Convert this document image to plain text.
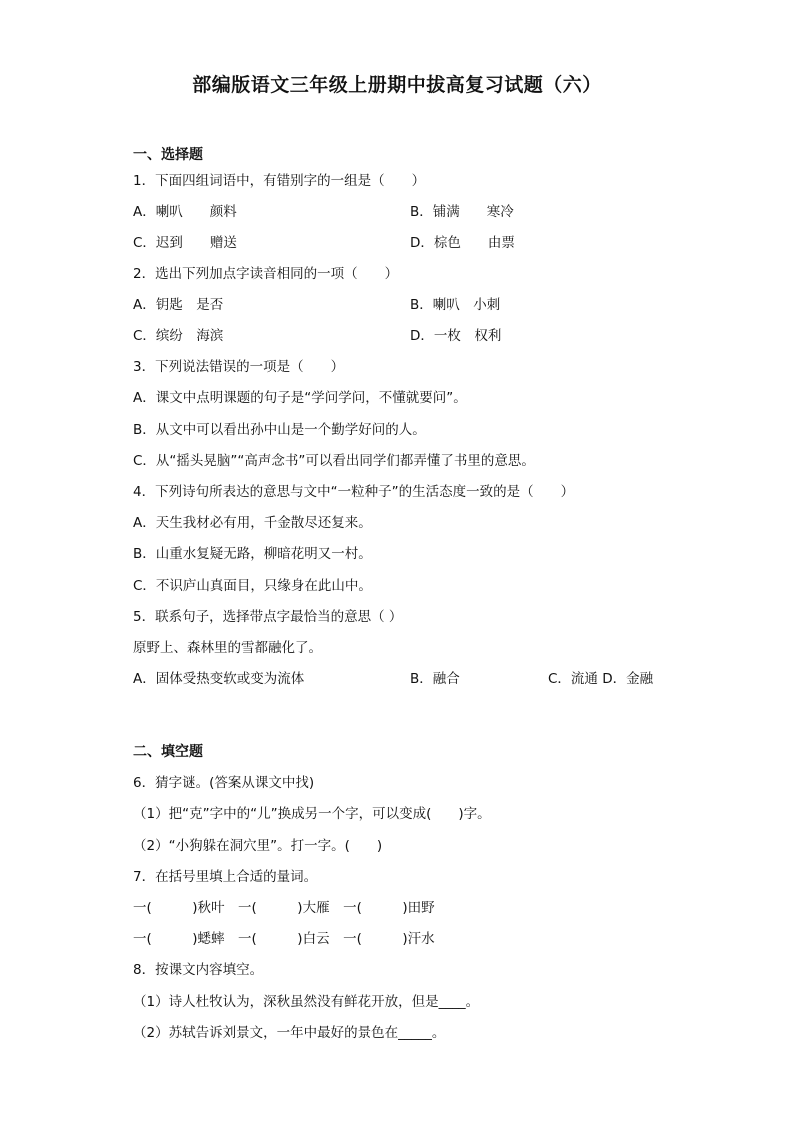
部编版语文三年级上册期中拔高复习试题（六）
一、选择题
1．下面四组词语中，有错别字的一组是（　　）
A．喇叭　　颜料	B．铺满　　寒冷
C．迟到　　赠送	D．棕色　　由票
2．选出下列加点字读音相同的一项（　　）
A．钥匙　是否	B．喇叭　小刺
C．缤纷　海滨	D．一枚　权利
3．下列说法错误的一项是（　　）
A．课文中点明课题的句子是“学问学问，不懂就要问”。
B．从文中可以看出孙中山是一个勤学好问的人。
C．从“摇头晃脑”“高声念书”可以看出同学们都弄懂了书里的意思。
4．下列诗句所表达的意思与文中“一粒种子”的生活态度一致的是（　　）
A．天生我材必有用，千金散尽还复来。
B．山重水复疑无路，柳暗花明又一村。
C．不识庐山真面目，只缘身在此山中。
5．联系句子，选择带点字最恰当的意思（ ）
原野上、森林里的雪都融化了。
A．固体受热变软或变为流体	B．融合	C．流通 D．金融
二、填空题
6．猜字谜。(答案从课文中找)
（1）把“克”字中的“儿”换成另一个字，可以变成(　　)字。
（2）“小狗躲在洞穴里”。打一字。(　　)
7．在括号里填上合适的量词。
一(　　　)秋叶　一(　　　)大雁　一(　　　)田野
一(　　　)蟋蟀　一(　　　)白云　一(　　　)汗水
8．按课文内容填空。
（1）诗人杜牧认为，深秋虽然没有鲜花开放，但是____。
（2）苏轼告诉刘景文，一年中最好的景色在_____。
